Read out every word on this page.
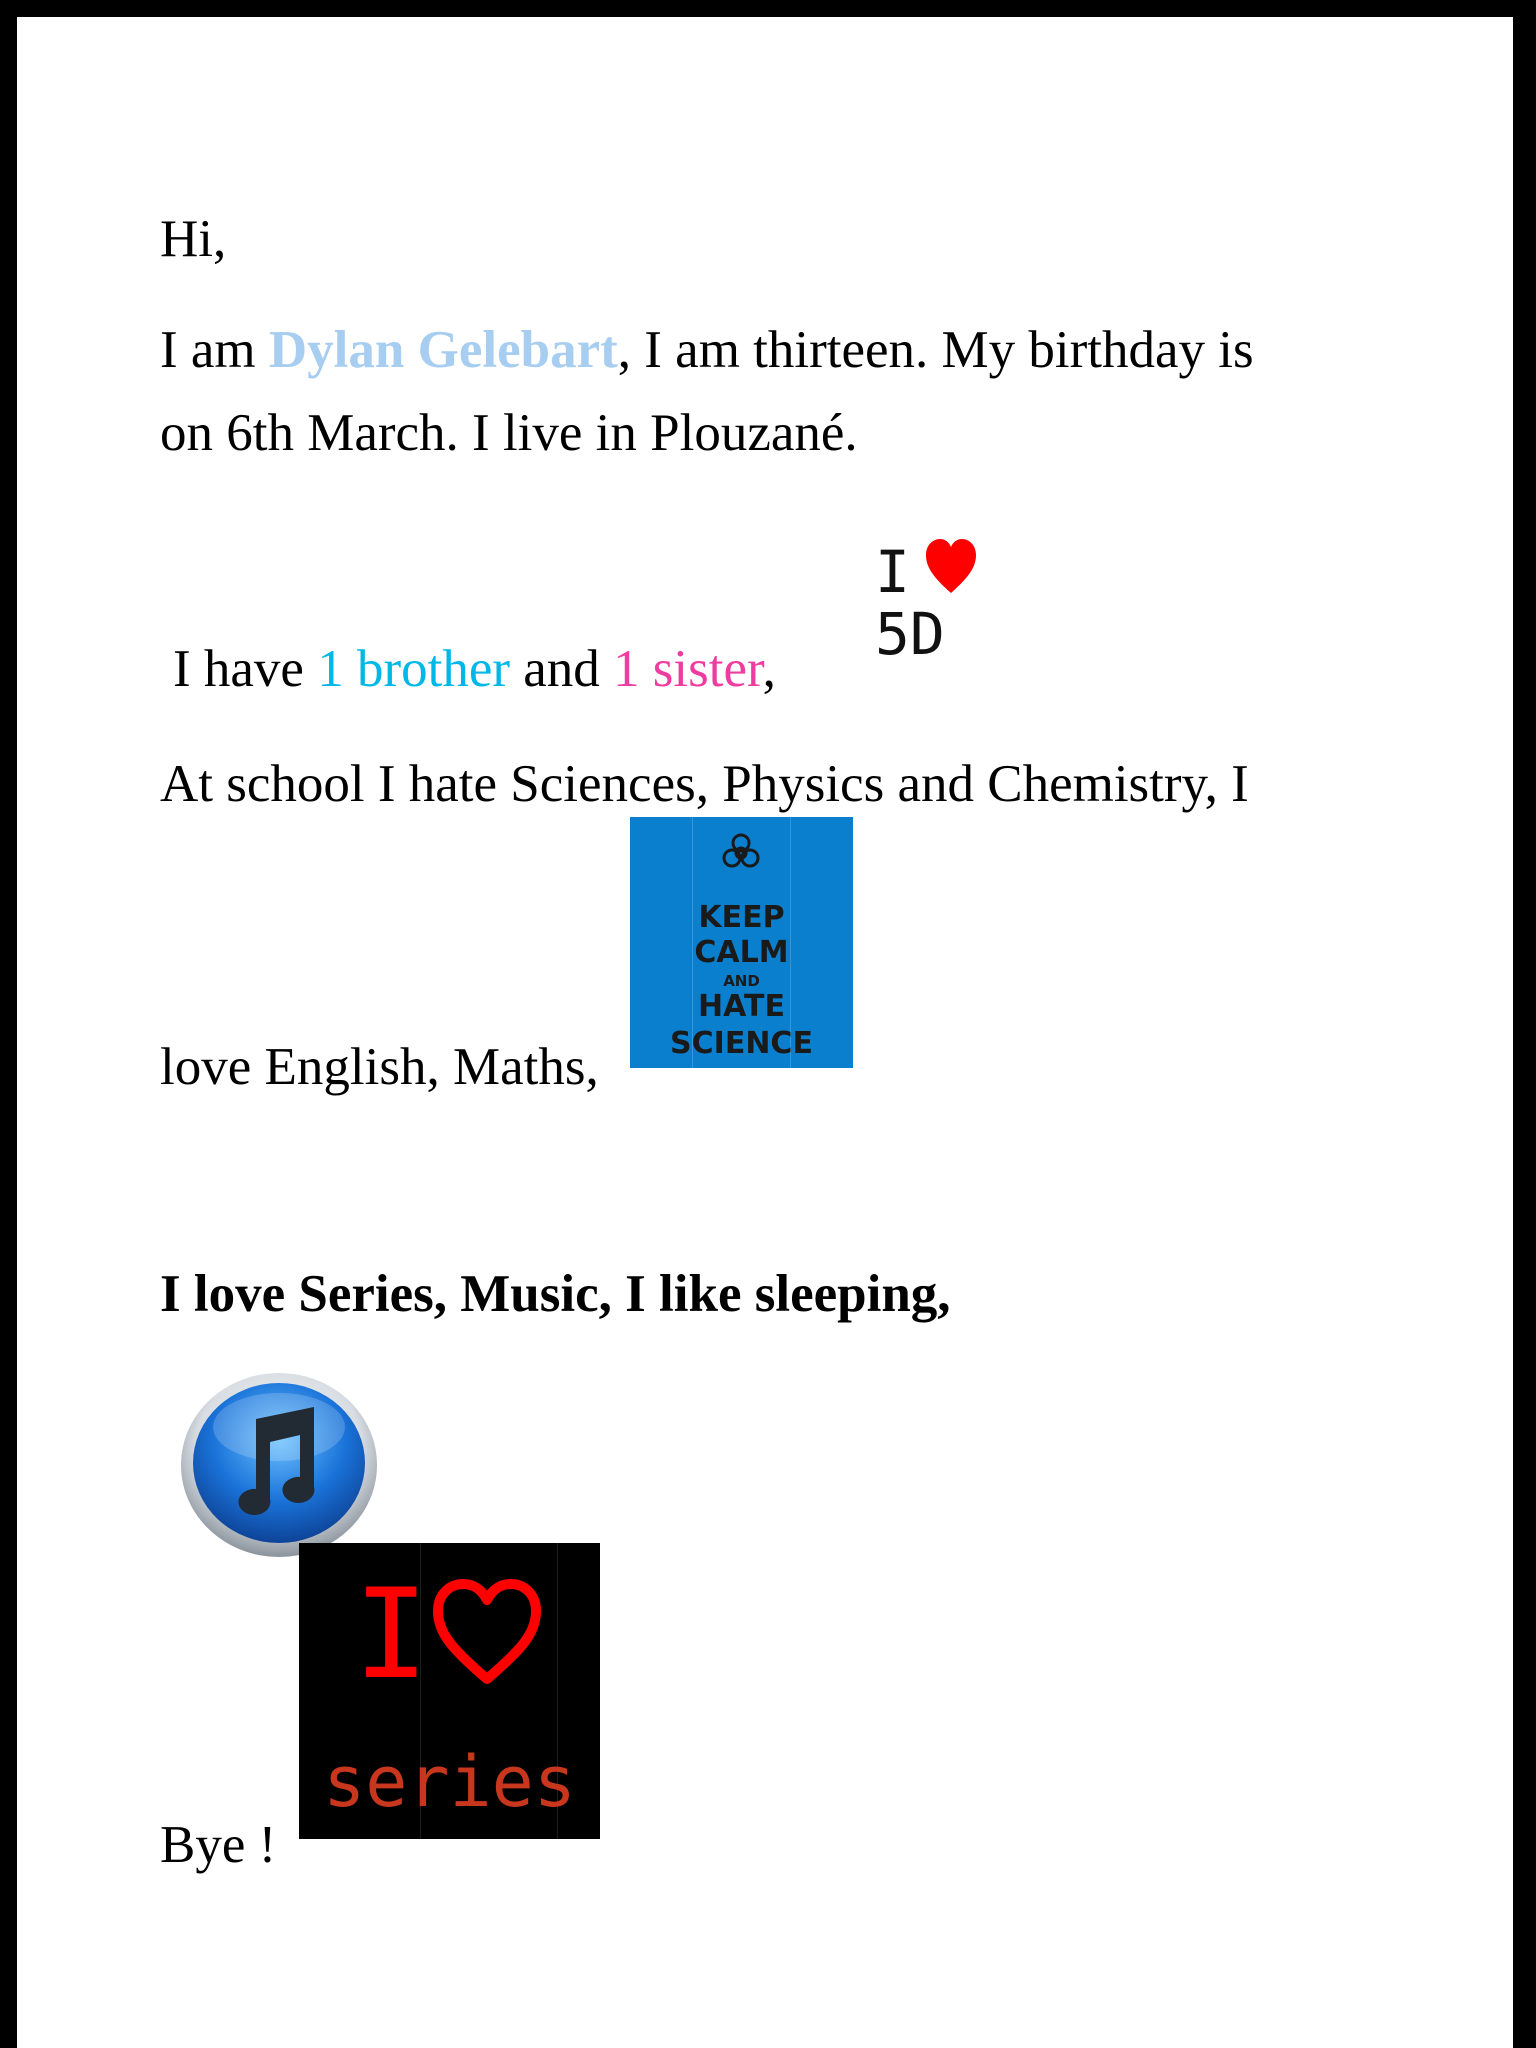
Hi,

I am Dylan Gelebart, I am thirteen. My birthday is

on 6th March. I live in Plouzané.

I have 1 brother and 1 sister,

I
5D

At school I hate Sciences, Physics and Chemistry, I

KEEP
CALM
AND
HATE
SCIENCE

love English, Maths,

I love Series, Music, I like sleeping,

Bye !

I
series
